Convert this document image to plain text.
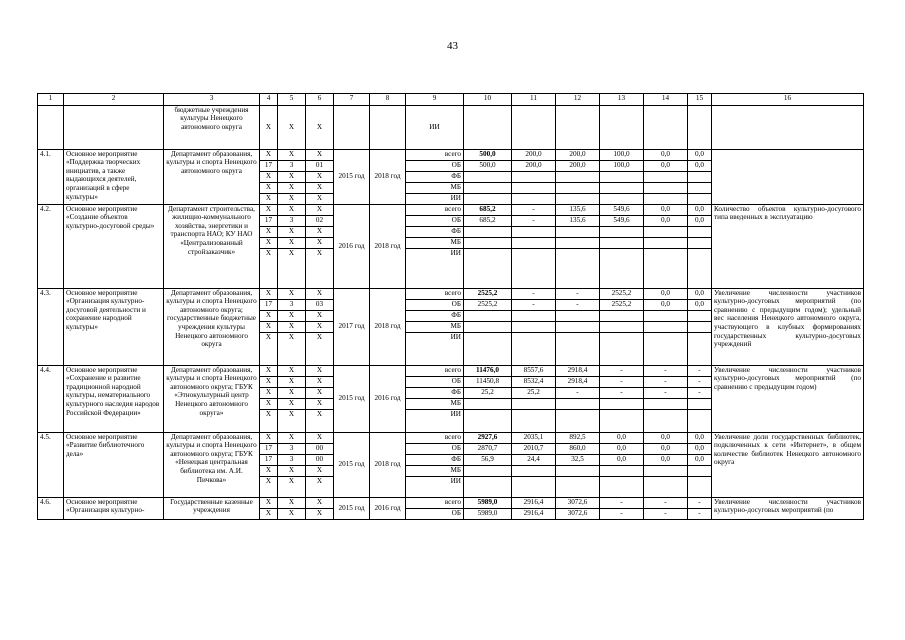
43
1	2	3	4	5	6	7	8	9	10	11	12	13	14	15	16
		бюджетные учреждения культуры Ненецкого автономного округа	X	X	X			ИИ							
4.1.	Основное мероприятие «Поддержка творческих инициатив, а также выдающихся деятелей, организаций в сфере культуры»	Департамент образования, культуры и спорта Ненецкого автономного округа	X	X	X	2015 год	2018 год	всего	500,0	200,0	200,0	100,0	0,0	0,0	
			17	3	01			ОБ	500,0	200,0	200,0	100,0	0,0	0,0	
			X	X	X			ФБ							
			X	X	X			МБ							
			X	X	X			ИИ							
4.2.	Основное мероприятие «Создание объектов культурно-досуговой среды»	Департамент строительства, жилищно-коммунального хозяйства, энергетики и транспорта НАО; КУ НАО «Централизованный стройзаказчик»	X	X	X	2016 год	2018 год	всего	685,2	-	135,6	549,6	0,0	0,0	Количество объектов культурно-досугового типа введенных в эксплуатацию
			17	3	02			ОБ	685,2	-	135,6	549,6	0,0	0,0	
			X	X	X			ФБ							
			X	X	X			МБ							
			X	X	X			ИИ							
4.3.	Основное мероприятие «Организация культурно-досуговой деятельности и сохранение народной культуры»	Департамент образования, культуры и спорта Ненецкого автономного округа; государственные бюджетные учреждения культуры Ненецкого автономного округа	X	X	X	2017 год	2018 год	всего	2525,2	-	-	2525,2	0,0	0,0	Увеличение численности участников культурно-досуговых мероприятий (по сравнению с предыдущим годом); удельный вес населения Ненецкого автономного округа, участвующего в клубных формированиях государственных культурно-досуговых учреждений
			17	3	03			ОБ	2525,2	-	-	2525,2	0,0	0,0	
			X	X	X			ФБ							
			X	X	X			МБ							
			X	X	X			ИИ							
4.4.	Основное мероприятие «Сохранение и развитие традиционной народной культуры, нематериального культурного наследия народов Российской Федерации»	Департамент образования, культуры и спорта Ненецкого автономного округа; ГБУК «Этнокультурный центр Ненецкого автономного округа»	X	X	X	2015 год	2016 год	всего	11476,0	8557,6	2918,4	-	-	-	Увеличение численности участников культурно-досуговых мероприятий (по сравнению с предыдущим годом)
			X	X	X			ОБ	11450,8	8532,4	2918,4	-	-	-	
			X	X	X			ФБ	25,2	25,2	-	-	-	-	
			X	X	X			МБ							
			X	X	X			ИИ							
4.5.	Основное мероприятие «Развитие библиотечного дела»	Департамент образования, культуры и спорта Ненецкого автономного округа; ГБУК «Ненецкая центральная библиотека им. А.И. Пичкова»	X	X	X	2015 год	2018 год	всего	2927,6	2035,1	892,5	0,0	0,0	0,0	Увеличение доли государственных библиотек, подключенных к сети «Интернет», в общем количестве библиотек Ненецкого автономного округа
			17	3	00			ОБ	2870,7	2010,7	860,0	0,0	0,0	0,0	
			17	3	00			ФБ	56,9	24,4	32,5	0,0	0,0	0,0	
			X	X	X			МБ							
			X	X	X			ИИ							
4.6.	Основное мероприятие «Организация культурно-	Государственные казенные учреждения	X	X	X	2015 год	2016 год	всего	5989,0	2916,4	3072,6	-	-	-	Увеличение численности участников культурно-досуговых мероприятий (по
			X	X	X			ОБ	5989,0	2916,4	3072,6	-	-	-	
